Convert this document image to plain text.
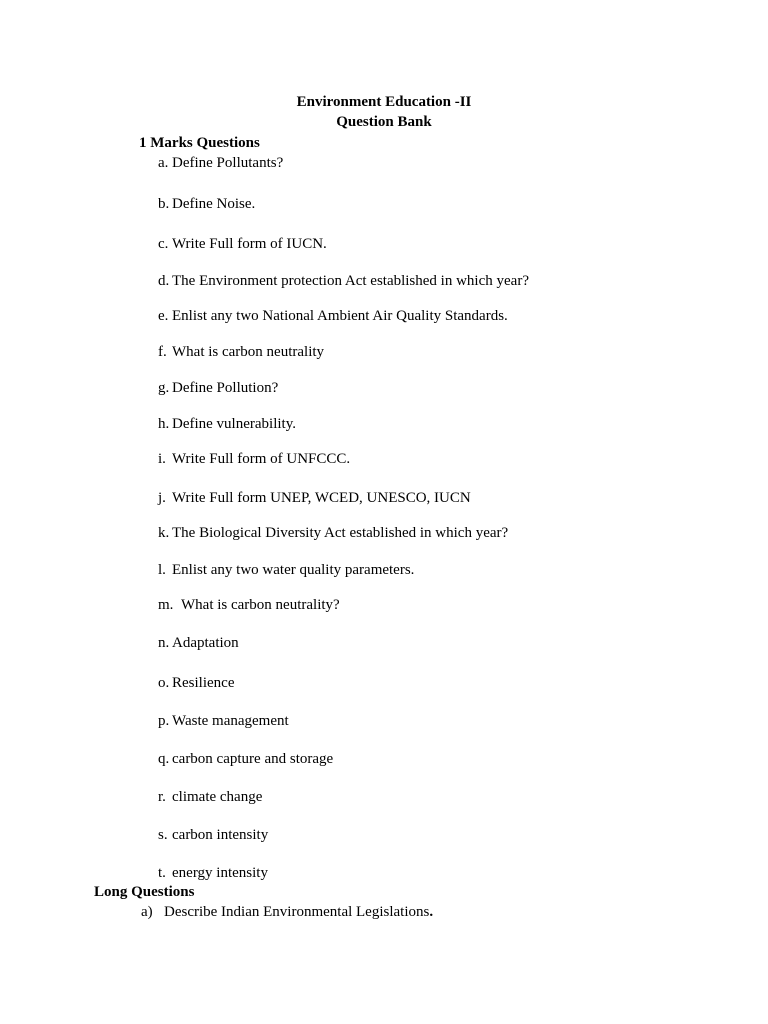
Environment Education -II
Question Bank
1 Marks Questions
a. Define Pollutants?
b. Define Noise.
c. Write Full form of IUCN.
d. The Environment protection Act established in which year?
e. Enlist any two National Ambient Air Quality Standards.
f. What is carbon neutrality
g. Define Pollution?
h. Define vulnerability.
i. Write Full form of UNFCCC.
j. Write Full form UNEP, WCED, UNESCO, IUCN
k. The Biological Diversity Act established in which year?
l. Enlist any two water quality parameters.
m. What is carbon neutrality?
n. Adaptation
o. Resilience
p. Waste management
q. carbon capture and storage
r. climate change
s. carbon intensity
t. energy intensity
Long Questions
a) Describe Indian Environmental Legislations.
